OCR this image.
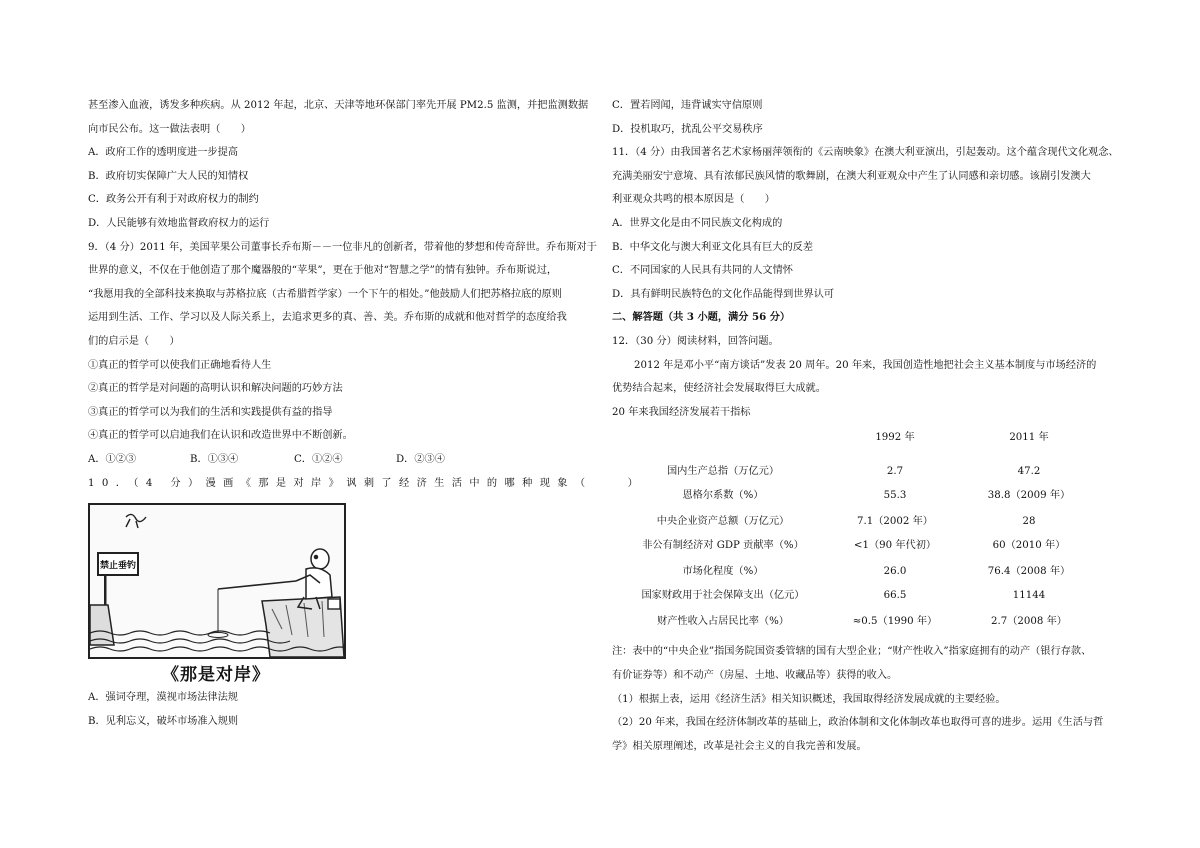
甚至渗入血液，诱发多种疾病。从 2012 年起，北京、天津等地环保部门率先开展 PM2.5 监测，并把监测数据
向市民公布。这一做法表明（　　）
A．政府工作的透明度进一步提高
B．政府切实保障广大人民的知情权
C．政务公开有利于对政府权力的制约
D．人民能够有效地监督政府权力的运行
9．（4 分）2011 年，美国苹果公司董事长乔布斯－－一位非凡的创新者，带着他的梦想和传奇辞世。乔布斯对于
世界的意义，不仅在于他创造了那个魔器般的“苹果”，更在于他对“智慧之学”的情有独钟。乔布斯说过，
“我愿用我的全部科技来换取与苏格拉底（古希腊哲学家）一个下午的相处。”他鼓励人们把苏格拉底的原则
运用到生活、工作、学习以及人际关系上，去追求更多的真、善、美。乔布斯的成就和他对哲学的态度给我
们的启示是（　　）
①真正的哲学可以使我们正确地看待人生
②真正的哲学是对问题的高明认识和解决问题的巧妙方法
③真正的哲学可以为我们的生活和实践提供有益的指导
④真正的哲学可以启迪我们在认识和改造世界中不断创新。
A．①②③	B．①③④	C．①②④	D．②③④
10．（4 分）漫画《那是对岸》讽刺了经济生活中的哪种现象（　　）
禁止垂钓
《那是对岸》
A．强词夺理，漠视市场法律法规
B．见利忘义，破坏市场准入规则
C．置若罔闻，违背诚实守信原则
D．投机取巧，扰乱公平交易秩序
11．（4 分）由我国著名艺术家杨丽萍领衔的《云南映象》在澳大利亚演出，引起轰动。这个蕴含现代文化观念、
充满美丽安宁意境、具有浓郁民族风情的歌舞剧，在澳大利亚观众中产生了认同感和亲切感。该剧引发澳大
利亚观众共鸣的根本原因是（　　）
A．世界文化是由不同民族文化构成的
B．中华文化与澳大利亚文化具有巨大的反差
C．不同国家的人民具有共同的人文情怀
D．具有鲜明民族特色的文化作品能得到世界认可
二、解答题（共 3 小题，满分 56 分）
12．（30 分）阅读材料，回答问题。
2012 年是邓小平“南方谈话”发表 20 周年。20 年来，我国创造性地把社会主义基本制度与市场经济的
优势结合起来，使经济社会发展取得巨大成就。
20 年来我国经济发展若干指标
1992 年	2011 年
国内生产总指（万亿元）	2.7	47.2
恩格尔系数（%）	55.3	38.8（2009 年）
中央企业资产总额（万亿元）	7.1（2002 年）	28
非公有制经济对 GDP 贡献率（%）	<1（90 年代初）	60（2010 年）
市场化程度（%）	26.0	76.4（2008 年）
国家财政用于社会保障支出（亿元）	66.5	11144
财产性收入占居民比率（%）	≈0.5（1990 年）	2.7（2008 年）
注：表中的“中央企业”指国务院国资委管辖的国有大型企业；“财产性收入”指家庭拥有的动产（银行存款、
有价证券等）和不动产（房屋、土地、收藏品等）获得的收入。
（1）根据上表，运用《经济生活》相关知识概述，我国取得经济发展成就的主要经验。
（2）20 年来，我国在经济体制改革的基础上，政治体制和文化体制改革也取得可喜的进步。运用《生活与哲
学》相关原理阐述，改革是社会主义的自我完善和发展。
